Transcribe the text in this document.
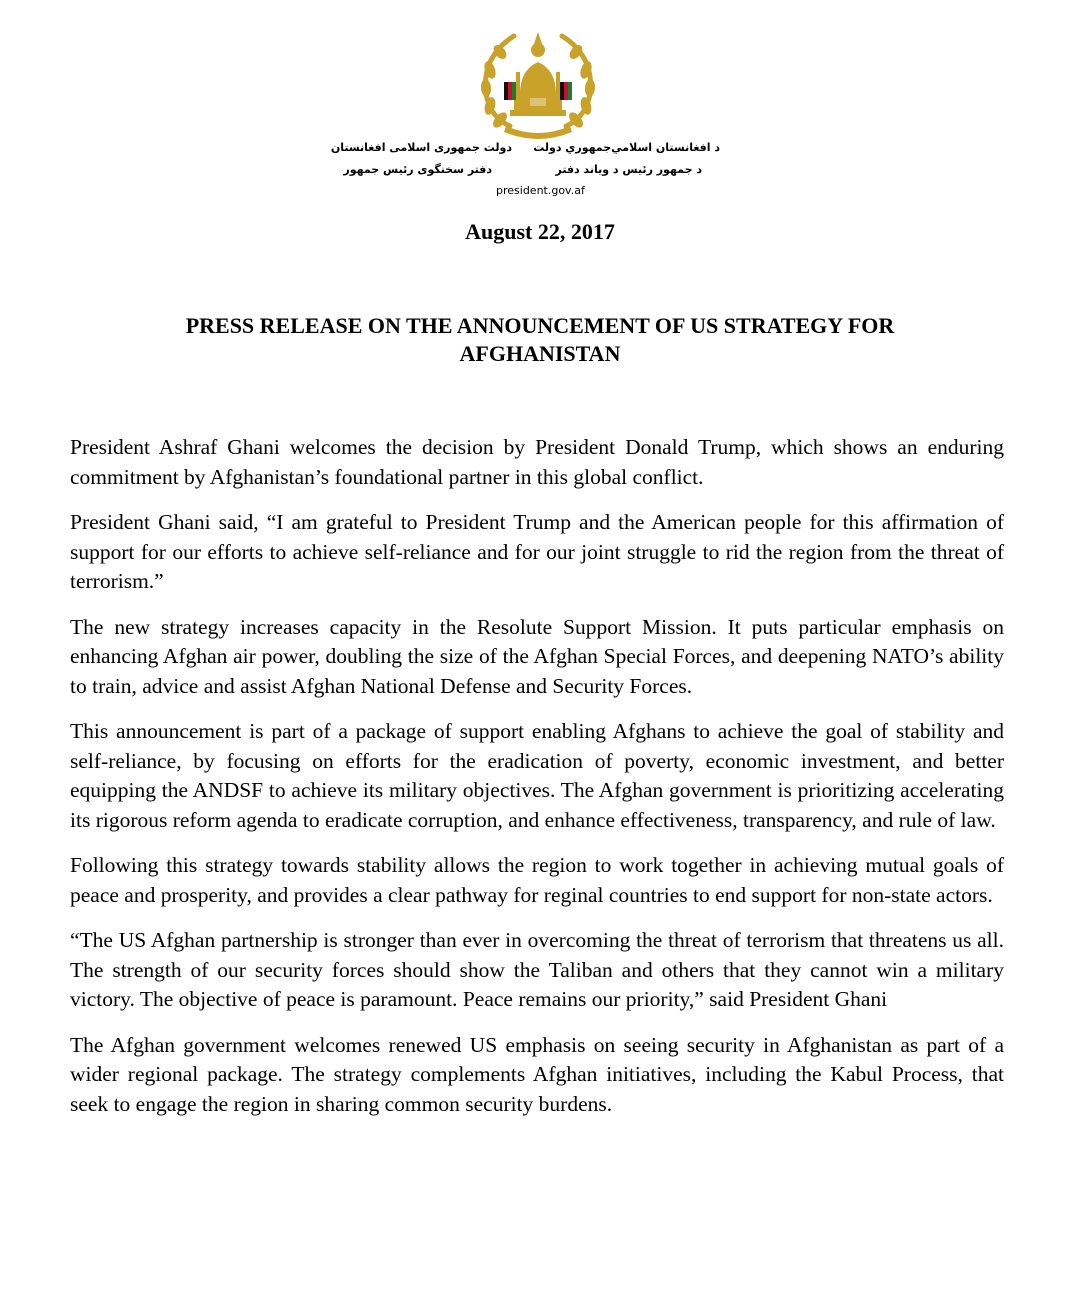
دولت جمهوری اسلامی افغانستان
دفتر سخنگوی رئیس جمهور
د افغانستان اسلامي‌جمهوري دولت
د جمهور رئیس د ویاند دفتر
president.gov.af
August 22, 2017
PRESS RELEASE ON THE ANNOUNCEMENT OF US STRATEGY FOR AFGHANISTAN

President Ashraf Ghani welcomes the decision by President Donald Trump, which shows an enduring commitment by Afghanistan’s foundational partner in this global conflict.

President Ghani said, “I am grateful to President Trump and the American people for this affirmation of support for our efforts to achieve self-reliance and for our joint struggle to rid the region from the threat of terrorism.”

The new strategy increases capacity in the Resolute Support Mission. It puts particular emphasis on enhancing Afghan air power, doubling the size of the Afghan Special Forces, and deepening NATO’s ability to train, advice and assist Afghan National Defense and Security Forces.

This announcement is part of a package of support enabling Afghans to achieve the goal of stability and self-reliance, by focusing on efforts for the eradication of poverty, economic investment, and better equipping the ANDSF to achieve its military objectives. The Afghan government is prioritizing accelerating its rigorous reform agenda to eradicate corruption, and enhance effectiveness, transparency, and rule of law.

Following this strategy towards stability allows the region to work together in achieving mutual goals of peace and prosperity, and provides a clear pathway for reginal countries to end support for non-state actors.

“The US Afghan partnership is stronger than ever in overcoming the threat of terrorism that threatens us all. The strength of our security forces should show the Taliban and others that they cannot win a military victory. The objective of peace is paramount. Peace remains our priority,” said President Ghani

The Afghan government welcomes renewed US emphasis on seeing security in Afghanistan as part of a wider regional package. The strategy complements Afghan initiatives, including the Kabul Process, that seek to engage the region in sharing common security burdens.
